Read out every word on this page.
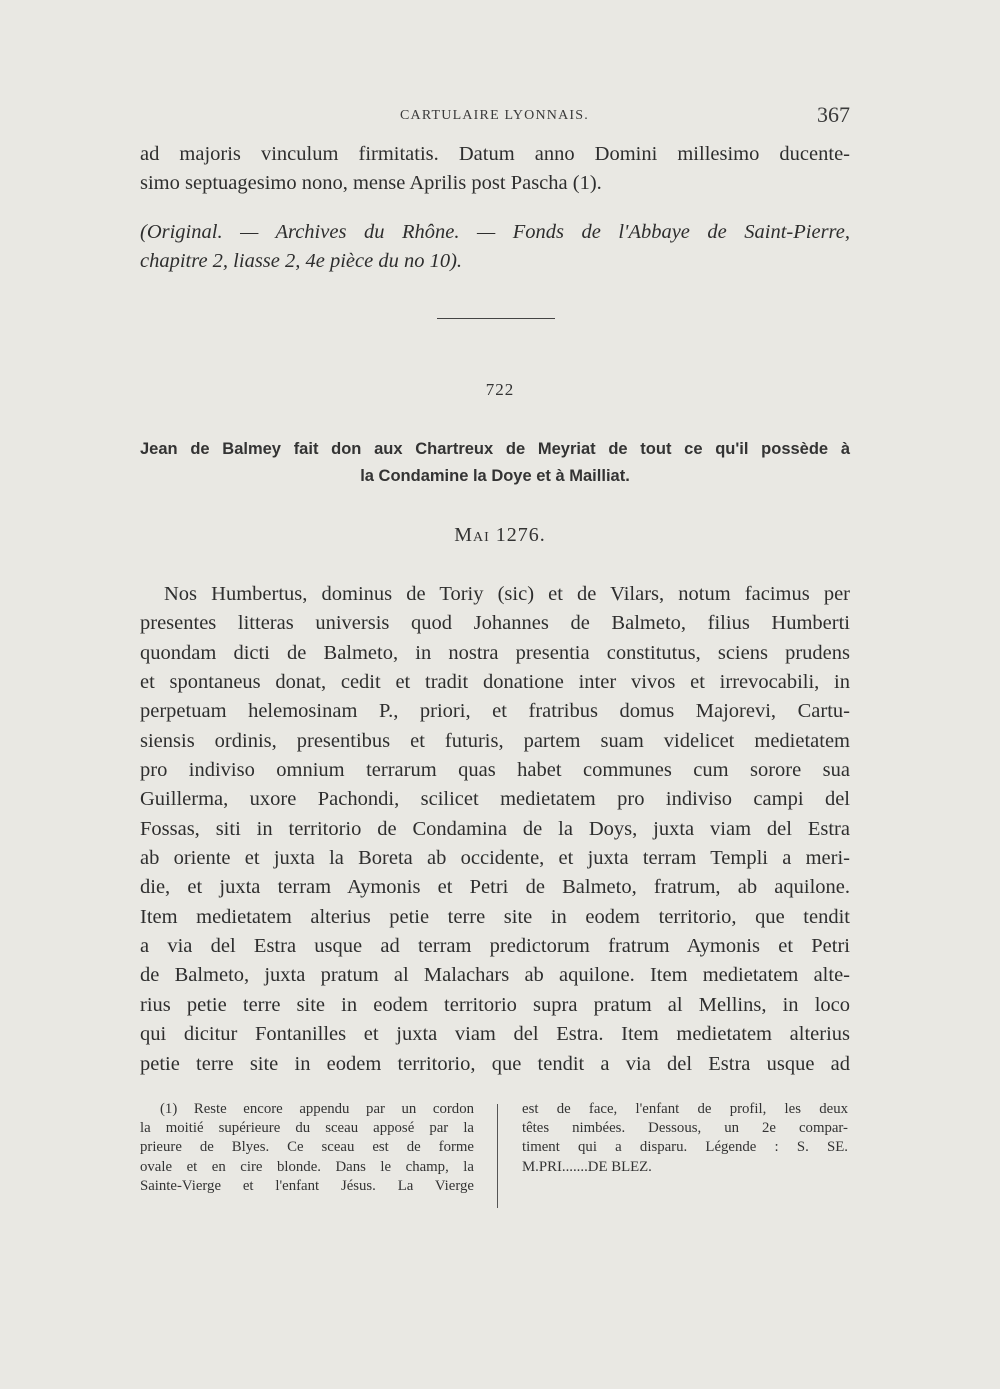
CARTULAIRE LYONNAIS.	367
ad majoris vinculum firmitatis. Datum anno Domini millesimo ducente-
simo septuagesimo nono, mense Aprilis post Pascha (1).
(Original. — Archives du Rhône. — Fonds de l'Abbaye de Saint-Pierre,
chapitre 2, liasse 2, 4e pièce du no 10).
722
Jean de Balmey fait don aux Chartreux de Meyriat de tout ce qu'il possède à
la Condamine la Doye et à Mailliat.
Mai 1276.
Nos Humbertus, dominus de Toriy (sic) et de Vilars, notum facimus per
presentes litteras universis quod Johannes de Balmeto, filius Humberti
quondam dicti de Balmeto, in nostra presentia constitutus, sciens prudens
et spontaneus donat, cedit et tradit donatione inter vivos et irrevocabili, in
perpetuam helemosinam P., priori, et fratribus domus Majorevi, Cartu-
siensis ordinis, presentibus et futuris, partem suam videlicet medietatem
pro indiviso omnium terrarum quas habet communes cum sorore sua
Guillerma, uxore Pachondi, scilicet medietatem pro indiviso campi del
Fossas, siti in territorio de Condamina de la Doys, juxta viam del Estra
ab oriente et juxta la Boreta ab occidente, et juxta terram Templi a meri-
die, et juxta terram Aymonis et Petri de Balmeto, fratrum, ab aquilone.
Item medietatem alterius petie terre site in eodem territorio, que tendit
a via del Estra usque ad terram predictorum fratrum Aymonis et Petri
de Balmeto, juxta pratum al Malachars ab aquilone. Item medietatem alte-
rius petie terre site in eodem territorio supra pratum al Mellins, in loco
qui dicitur Fontanilles et juxta viam del Estra. Item medietatem alterius
petie terre site in eodem territorio, que tendit a via del Estra usque ad
(1) Reste encore appendu par un cordon
la moitié supérieure du sceau apposé par la
prieure de Blyes. Ce sceau est de forme
ovale et en cire blonde. Dans le champ, la
Sainte-Vierge et l'enfant Jésus. La Vierge
est de face, l'enfant de profil, les deux
têtes nimbées. Dessous, un 2e compar-
timent qui a disparu. Légende : S. SE.
M.PRI.......DE BLEZ.
